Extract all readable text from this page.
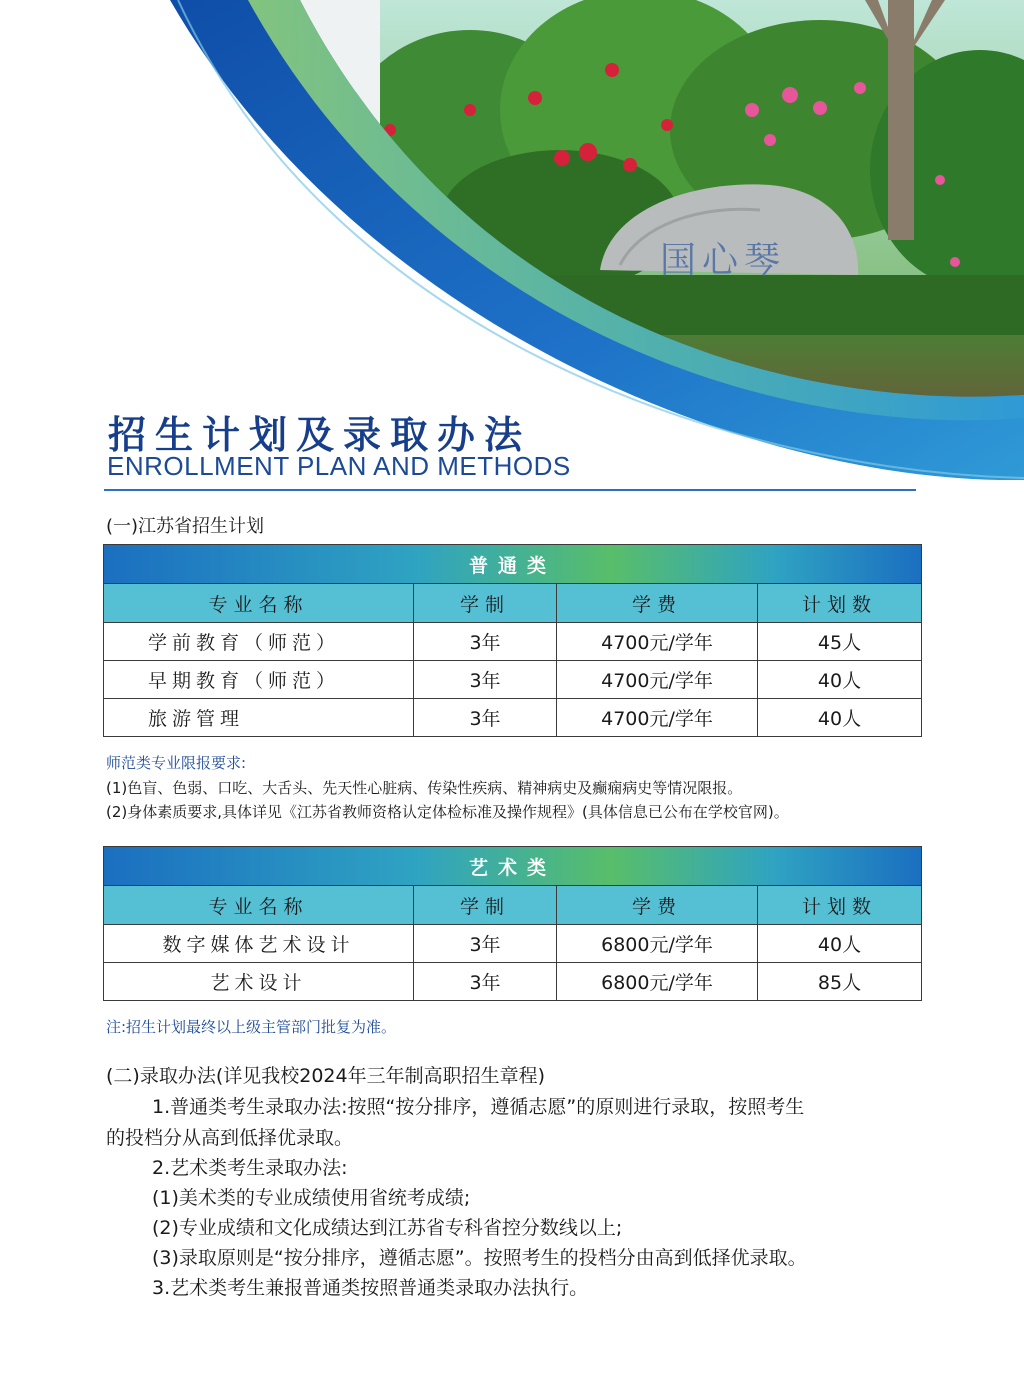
国心琴
招生计划及录取办法
ENROLLMENT PLAN AND METHODS
(一)江苏省招生计划
普通类			
专业名称	学制	学费	计划数
学前教育（师范）	3年	4700元/学年	45人
早期教育（师范）	3年	4700元/学年	40人
旅游管理	3年	4700元/学年	40人
师范类专业限报要求:
(1)色盲、色弱、口吃、大舌头、先天性心脏病、传染性疾病、精神病史及癫痫病史等情况限报。
(2)身体素质要求,具体详见《江苏省教师资格认定体检标准及操作规程》(具体信息已公布在学校官网)。
艺术类			
专业名称	学制	学费	计划数
数字媒体艺术设计	3年	6800元/学年	40人
艺术设计	3年	6800元/学年	85人
注:招生计划最终以上级主管部门批复为准。
(二)录取办法(详见我校2024年三年制高职招生章程)
1.普通类考生录取办法:按照“按分排序，遵循志愿”的原则进行录取，按照考生
的投档分从高到低择优录取。
2.艺术类考生录取办法:
(1)美术类的专业成绩使用省统考成绩;
(2)专业成绩和文化成绩达到江苏省专科省控分数线以上;
(3)录取原则是“按分排序，遵循志愿”。按照考生的投档分由高到低择优录取。
3.艺术类考生兼报普通类按照普通类录取办法执行。
